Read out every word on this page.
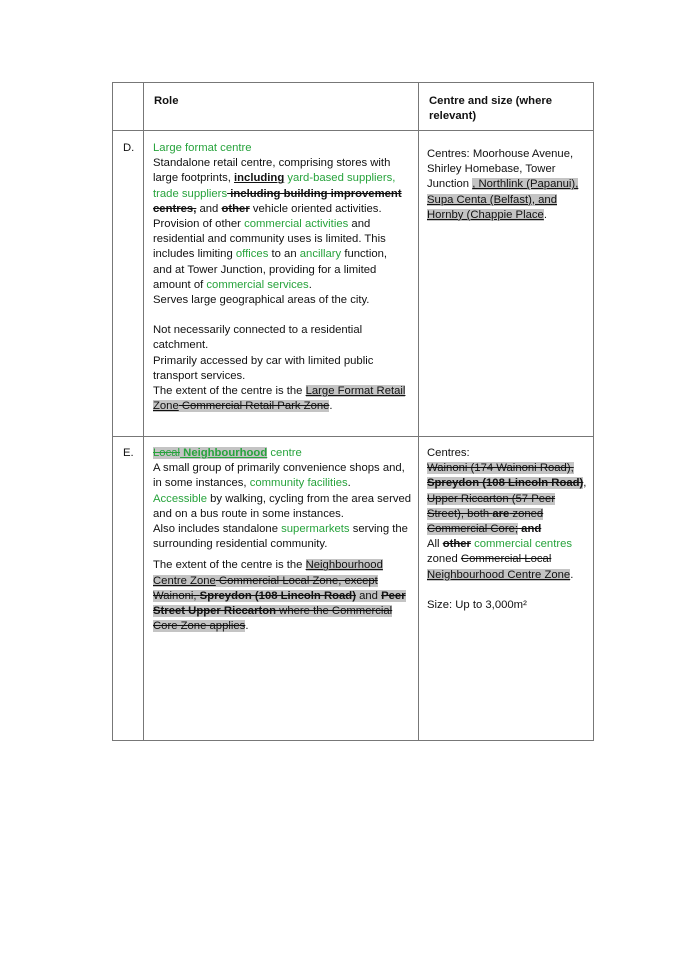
Role	Centre and size (where relevant)
D. Large format centre

Standalone retail centre, comprising stores with large footprints, including yard-based suppliers, trade suppliers including building improvement centres, and other vehicle oriented activities.

Provision of other commercial activities and residential and community uses is limited. This includes limiting offices to an ancillary function, and at Tower Junction, providing for a limited amount of commercial services.

Serves large geographical areas of the city.

Not necessarily connected to a residential catchment.

Primarily accessed by car with limited public transport services.

The extent of the centre is the Large Format Retail Zone Commercial Retail Park Zone.

Centres: Moorhouse Avenue, Shirley Homebase, Tower Junction , Northlink (Papanui), Supa Centa (Belfast), and Hornby (Chappie Place.
E. Local Neighbourhood centre

A small group of primarily convenience shops and, in some instances, community facilities.

Accessible by walking, cycling from the area served and on a bus route in some instances.

Also includes standalone supermarkets serving the surrounding residential community.

The extent of the centre is the Neighbourhood Centre Zone Commercial Local Zone, except Wainoni, Spreydon (108 Lincoln Road) and Peer Street Upper Riccarton where the Commercial Core Zone applies.

Centres:

Wainoni (174 Wainoni Road), Spreydon (108 Lincoln Road), Upper Riccarton (57 Peer Street), both are zoned Commercial Core; and

All other commercial centres zoned Commercial Local Neighbourhood Centre Zone.

Size: Up to 3,000m²
